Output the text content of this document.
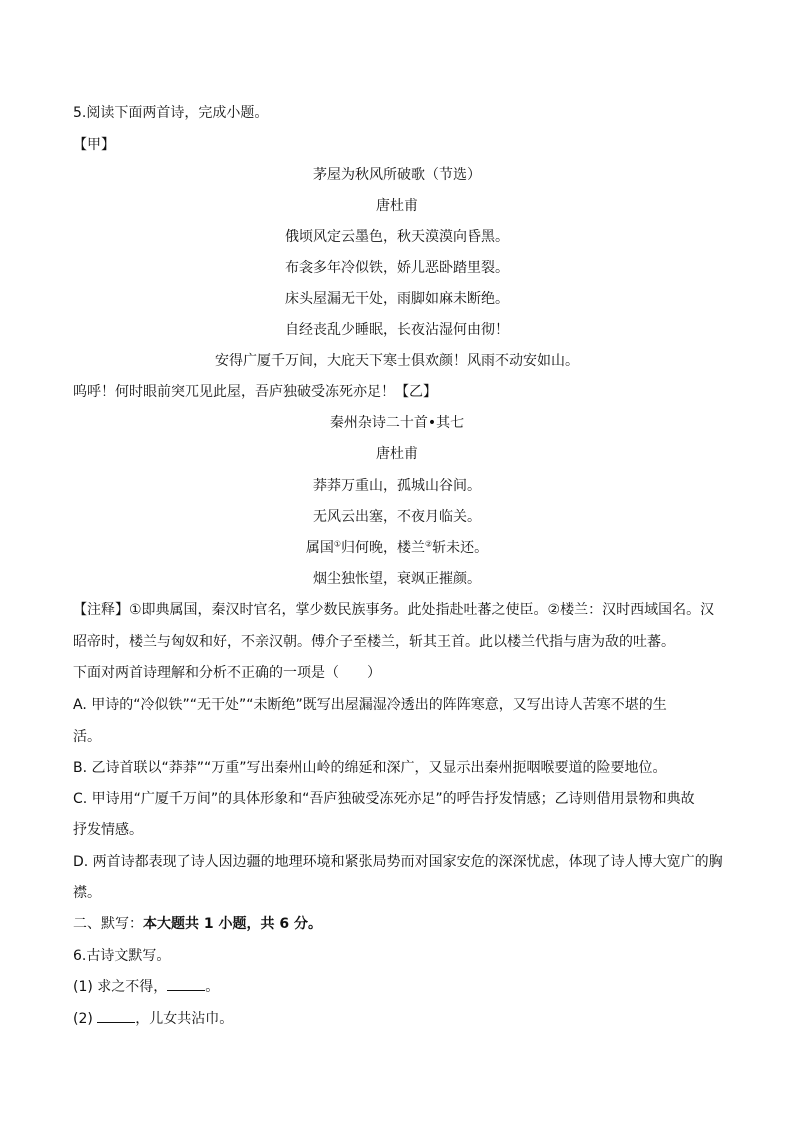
5.阅读下面两首诗，完成小题。
【甲】
茅屋为秋风所破歌（节选）
唐杜甫
俄顷风定云墨色，秋天漠漠向昏黑。
布衾多年冷似铁，娇儿恶卧踏里裂。
床头屋漏无干处，雨脚如麻未断绝。
自经丧乱少睡眠，长夜沾湿何由彻！
安得广厦千万间，大庇天下寒士俱欢颜！风雨不动安如山。
呜呼！何时眼前突兀见此屋，吾庐独破受冻死亦足！【乙】
秦州杂诗二十首•其七
唐杜甫
莽莽万重山，孤城山谷间。
无风云出塞，不夜月临关。
属国①归何晚，楼兰②斩未还。
烟尘独怅望，衰飒正摧颜。
【注释】①即典属国，秦汉时官名，掌少数民族事务。此处指赴吐蕃之使臣。②楼兰：汉时西域国名。汉
昭帝时，楼兰与匈奴和好，不亲汉朝。傅介子至楼兰，斩其王首。此以楼兰代指与唐为敌的吐蕃。
下面对两首诗理解和分析不正确的一项是（　　）
A. 甲诗的“冷似铁”“无干处”“未断绝”既写出屋漏湿冷透出的阵阵寒意，又写出诗人苦寒不堪的生
活。
B. 乙诗首联以“莽莽”“万重”写出秦州山岭的绵延和深广，又显示出秦州扼咽喉要道的险要地位。
C. 甲诗用“广厦千万间”的具体形象和“吾庐独破受冻死亦足”的呼告抒发情感；乙诗则借用景物和典故
抒发情感。
D. 两首诗都表现了诗人因边疆的地理环境和紧张局势而对国家安危的深深忧虑，体现了诗人博大宽广的胸
襟。
二、默写：本大题共 1 小题，共 6 分。
6.古诗文默写。
(1) 求之不得，	。
(2)	，儿女共沾巾。
